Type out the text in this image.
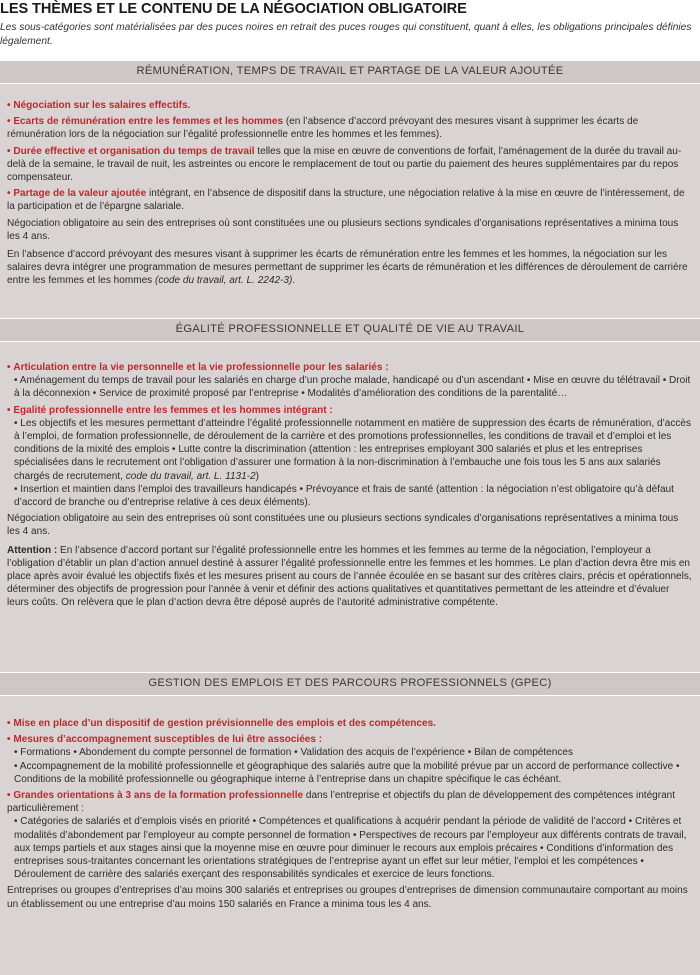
LES THÈMES ET LE CONTENU DE LA NÉGOCIATION OBLIGATOIRE
Les sous-catégories sont matérialisées par des puces noires en retrait des puces rouges qui constituent, quant à elles, les obligations principales définies légalement.
RÉMUNÉRATION, TEMPS DE TRAVAIL ET PARTAGE DE LA VALEUR AJOUTÉE
• Négociation sur les salaires effectifs.
• Ecarts de rémunération entre les femmes et les hommes (en l’absence d’accord prévoyant des mesures visant à supprimer les écarts de rémunération lors de la négociation sur l’égalité professionnelle entre les hommes et les femmes).
• Durée effective et organisation du temps de travail telles que la mise en œuvre de conventions de forfait, l’aménagement de la durée du travail au-delà de la semaine, le travail de nuit, les astreintes ou encore le remplacement de tout ou partie du paiement des heures supplémentaires par du repos compensateur.
• Partage de la valeur ajoutée intégrant, en l’absence de dispositif dans la structure, une négociation relative à la mise en œuvre de l’intéressement, de la participation et de l’épargne salariale.
Négociation obligatoire au sein des entreprises où sont constituées une ou plusieurs sections syndicales d’organisations représentatives a minima tous les 4 ans.
En l’absence d’accord prévoyant des mesures visant à supprimer les écarts de rémunération entre les femmes et les hommes, la négociation sur les salaires devra intégrer une programmation de mesures permettant de supprimer les écarts de rémunération et les différences de déroulement de carrière entre les femmes et les hommes (code du travail, art. L. 2242-3).
ÉGALITÉ PROFESSIONNELLE ET QUALITÉ DE VIE AU TRAVAIL
• Articulation entre la vie personnelle et la vie professionnelle pour les salariés :
• Aménagement du temps de travail pour les salariés en charge d’un proche malade, handicapé ou d’un ascendant • Mise en œuvre du télétravail • Droit à la déconnexion • Service de proximité proposé par l’entreprise • Modalités d’amélioration des conditions de la parentalité…
• Egalité professionnelle entre les femmes et les hommes intégrant :
• Les objectifs et les mesures permettant d’atteindre l’égalité professionnelle notamment en matière de suppression des écarts de rémunération, d’accès à l’emploi, de formation professionnelle, de déroulement de la carrière et des promotions professionnelles, les conditions de travail et d’emploi et les conditions de la mixité des emplois • Lutte contre la discrimination (attention : les entreprises employant 300 salariés et plus et les entreprises spécialisées dans le recrutement ont l’obligation d’assurer une formation à la non-discrimination à l’embauche une fois tous les 5 ans aux salariés chargés de recrutement, code du travail, art. L. 1131-2)
• Insertion et maintien dans l’emploi des travailleurs handicapés • Prévoyance et frais de santé (attention : la négociation n’est obligatoire qu’à défaut d’accord de branche ou d’entreprise relative à ces deux éléments).
Négociation obligatoire au sein des entreprises où sont constituées une ou plusieurs sections syndicales d’organisations représentatives a minima tous les 4 ans.
Attention : En l’absence d’accord portant sur l’égalité professionnelle entre les hommes et les femmes au terme de la négociation, l’employeur a l’obligation d’établir un plan d’action annuel destiné à assurer l’égalité professionnelle entre les femmes et les hommes. Le plan d’action devra être mis en place après avoir évalué les objectifs fixés et les mesures prisent au cours de l’année écoulée en se basant sur des critères clairs, précis et opérationnels, déterminer des objectifs de progression pour l’année à venir et définir des actions qualitatives et quantitatives permettant de les atteindre et d’évaluer leurs coûts. On relèvera que le plan d’action devra être déposé auprès de l’autorité administrative compétente.
GESTION DES EMPLOIS ET DES PARCOURS PROFESSIONNELS (GPEC)
• Mise en place d’un dispositif de gestion prévisionnelle des emplois et des compétences.
• Mesures d’accompagnement susceptibles de lui être associées :
• Formations • Abondement du compte personnel de formation • Validation des acquis de l’expérience • Bilan de compétences
• Accompagnement de la mobilité professionnelle et géographique des salariés autre que la mobilité prévue par un accord de performance collective • Conditions de la mobilité professionnelle ou géographique interne à l’entreprise dans un chapitre spécifique le cas échéant.
• Grandes orientations à 3 ans de la formation professionnelle dans l’entreprise et objectifs du plan de développement des compétences intégrant particulièrement :
• Catégories de salariés et d’emplois visés en priorité • Compétences et qualifications à acquérir pendant la période de validité de l’accord • Critères et modalités d’abondement par l’employeur au compte personnel de formation • Perspectives de recours par l’employeur aux différents contrats de travail, aux temps partiels et aux stages ainsi que la moyenne mise en œuvre pour diminuer le recours aux emplois précaires • Conditions d’information des entreprises sous-traitantes concernant les orientations stratégiques de l’entreprise ayant un effet sur leur métier, l’emploi et les compétences • Déroulement de carrière des salariés exerçant des responsabilités syndicales et exercice de leurs fonctions.
Entreprises ou groupes d’entreprises d’au moins 300 salariés et entreprises ou groupes d’entreprises de dimension communautaire comportant au moins un établissement ou une entreprise d’au moins 150 salariés en France a minima tous les 4 ans.
